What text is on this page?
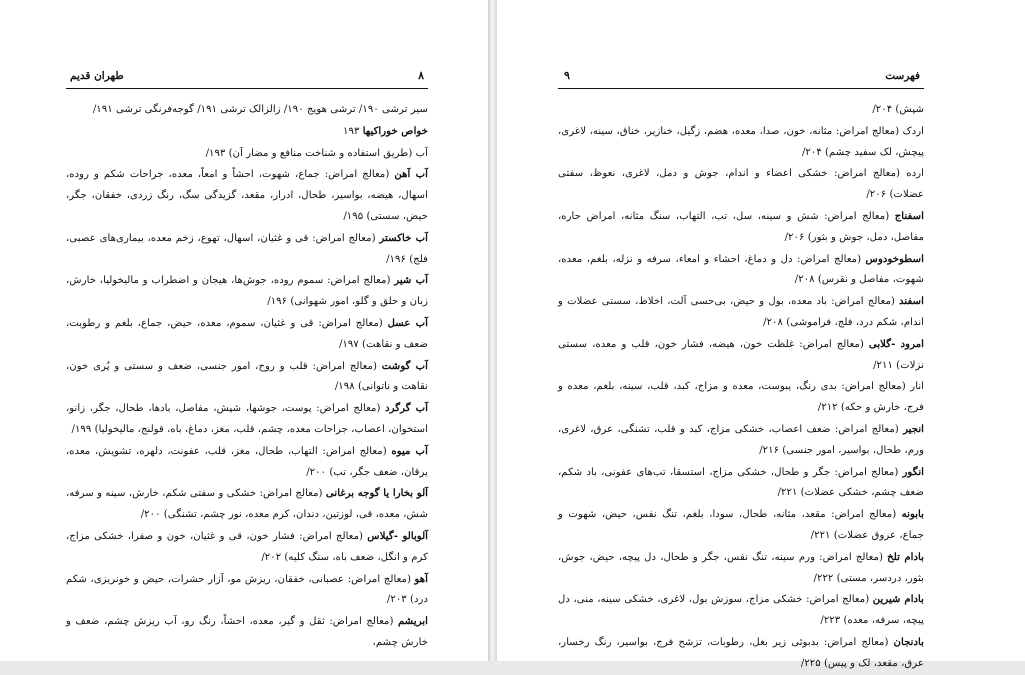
طهران قدیم	۸

سیر ترشی ۱۹۰/ ترشی هویج ۱۹۰/ زالزالک ترشی ۱۹۱/ گوجه‌فرنگی ترشی ۱۹۱/

خواص خوراکیها ۱۹۳

آب (طریق استفاده و شناخت منافع و مضار آن) ۱۹۳/

آب آهن (معالج امراض: جماع، شهوت، احشاً و امعاً، معده، جراحات شکم و روده، اسهال، هیضه، بواسیر، طحال، ادرار، مقعد، گزیدگی سگ، رنگ زردی، خفقان، جگر، حیض، سستی) ۱۹۵/

آب خاکستر (معالج امراض: قی و غثیان، اسهال، تهوع، زخم معده، بیماری‌های عصبی، فلج) ۱۹۶/

آب شیر (معالج امراض: سموم روده، جوش‌ها، هیجان و اضطراب و مالیخولیا، خارش، زبان و حلق و گلو، امور شهوانی) ۱۹۶/

آب عسل (معالج امراض: قی و غثیان، سموم، معده، حیض، جماع، بلغم و رطوبت، ضعف و نقاهت) ۱۹۷/

آب گوشت (معالج امراض: قلب و روح، امور جنسی، ضعف و سستی و پُری خون، نقاهت و ناتوانی) ۱۹۸/

آب گرگرد (معالج امراض: پوست، جوشها، شپش، مفاصل، بادها، طحال، جگر، زانو، استخوان، اعصاب، جراحات معده، چشم، قلب، مغز، دماغ، باه، قولنج، مالیخولیا) ۱۹۹/

آب میوه (معالج امراض: التهاب، طحال، مغز، قلب، عفونت، دلهره، تشویش، معده، یرقان، ضعف جگر، تب) ۲۰۰/

آلو بخارا یا گوجه برغانی (معالج امراض: خشکی و سفتی شکم، خارش، سینه و سرفه، شش، معده، قی، لوزتین، دندان، کرم معده، نور چشم، تشنگی) ۲۰۰/

آلوبالو -گیلاس (معالج امراض: فشار خون، قی و غثیان، خون و صفرا، خشکی مزاج، کرم و انگل، ضعف باه، سنگ کلیه) ۲۰۲/

آهو (معالج امراض: عصبانی، خفقان، ریزش مو، آزار حشرات، حیض و خونریزی، شکم درد) ۲۰۳/

ابریشم (معالج امراض: ثقل و گیر، معده، احشاً، رنگ رو، آب ریزش چشم، ضعف و خارش چشم،

فهرست
۹

شپش) ۲۰۴/

اردک (معالج امراض: مثانه، خون، صدا، معده، هضم، زگیل، خنازیر، خناق، سینه، لاغری، پیچش، لک سفید چشم) ۲۰۴/

ارده (معالج امراض: خشکی اعضاء و اندام، جوش و دمل، لاغری، نعوظ، سفتی عضلات) ۲۰۶/

اسفناج (معالج امراض: شش و سینه، سل، تب، التهاب، سنگ مثانه، امراض حاره، مفاصل، دمل، جوش و بثور) ۲۰۶/

اسطوخودوس (معالج امراض: دل و دماغ، احشاء و امعاء، سرفه و نزله، بلغم، معده، شهوت، مفاصل و نقرس) ۲۰۸/

اسفند (معالج امراض: باد معده، بول و حیض، بی‌حسی آلت، اخلاط، سستی عضلات و اندام، شکم درد، فلج، فراموشی) ۲۰۸/

امرود -گلابی (معالج امراض: غلظت خون، هیضه، فشار خون، قلب و معده، سستی نزلات) ۲۱۱/

انار (معالج امراض: بدی رنگ، یبوست، معده و مزاج، کبد، قلب، سینه، بلغم، معده و فرج، خارش و حکه) ۲۱۲/

انجیر (معالج امراض: ضعف اعصاب، خشکی مزاج، کبد و قلب، تشنگی، عرق، لاغری، ورم، طحال، بواسیر، امور جنسی) ۲۱۶/

انگور (معالج امراض: جگر و طحال، خشکی مزاج، استسقا، تب‌های عفونی، باد شکم، ضعف چشم، خشکی عضلات) ۲۲۱/

بابونه (معالج امراض: مقعد، مثانه، طحال، سودا، بلغم، تنگ نفس، حیض، شهوت و جماع، عروق عضلات) ۲۲۱/

بادام تلخ (معالج امراض: ورم سینه، تنگ نفس، جگر و طحال، دل پیچه، حیض، جوش، بثور، دردسر، مستی) ۲۲۲/

بادام شیرین (معالج امراض: خشکی مزاج، سوزش بول، لاغری، خشکی سینه، منی، دل پیچه، سرفه، معده) ۲۲۳/

بادنجان (معالج امراض: بدبوئی زیر بغل، رطوبات، تزشح فرج، بواسیر، رنگ رخسار، عرق، مقعد، لک و پیس) ۲۲۵/
